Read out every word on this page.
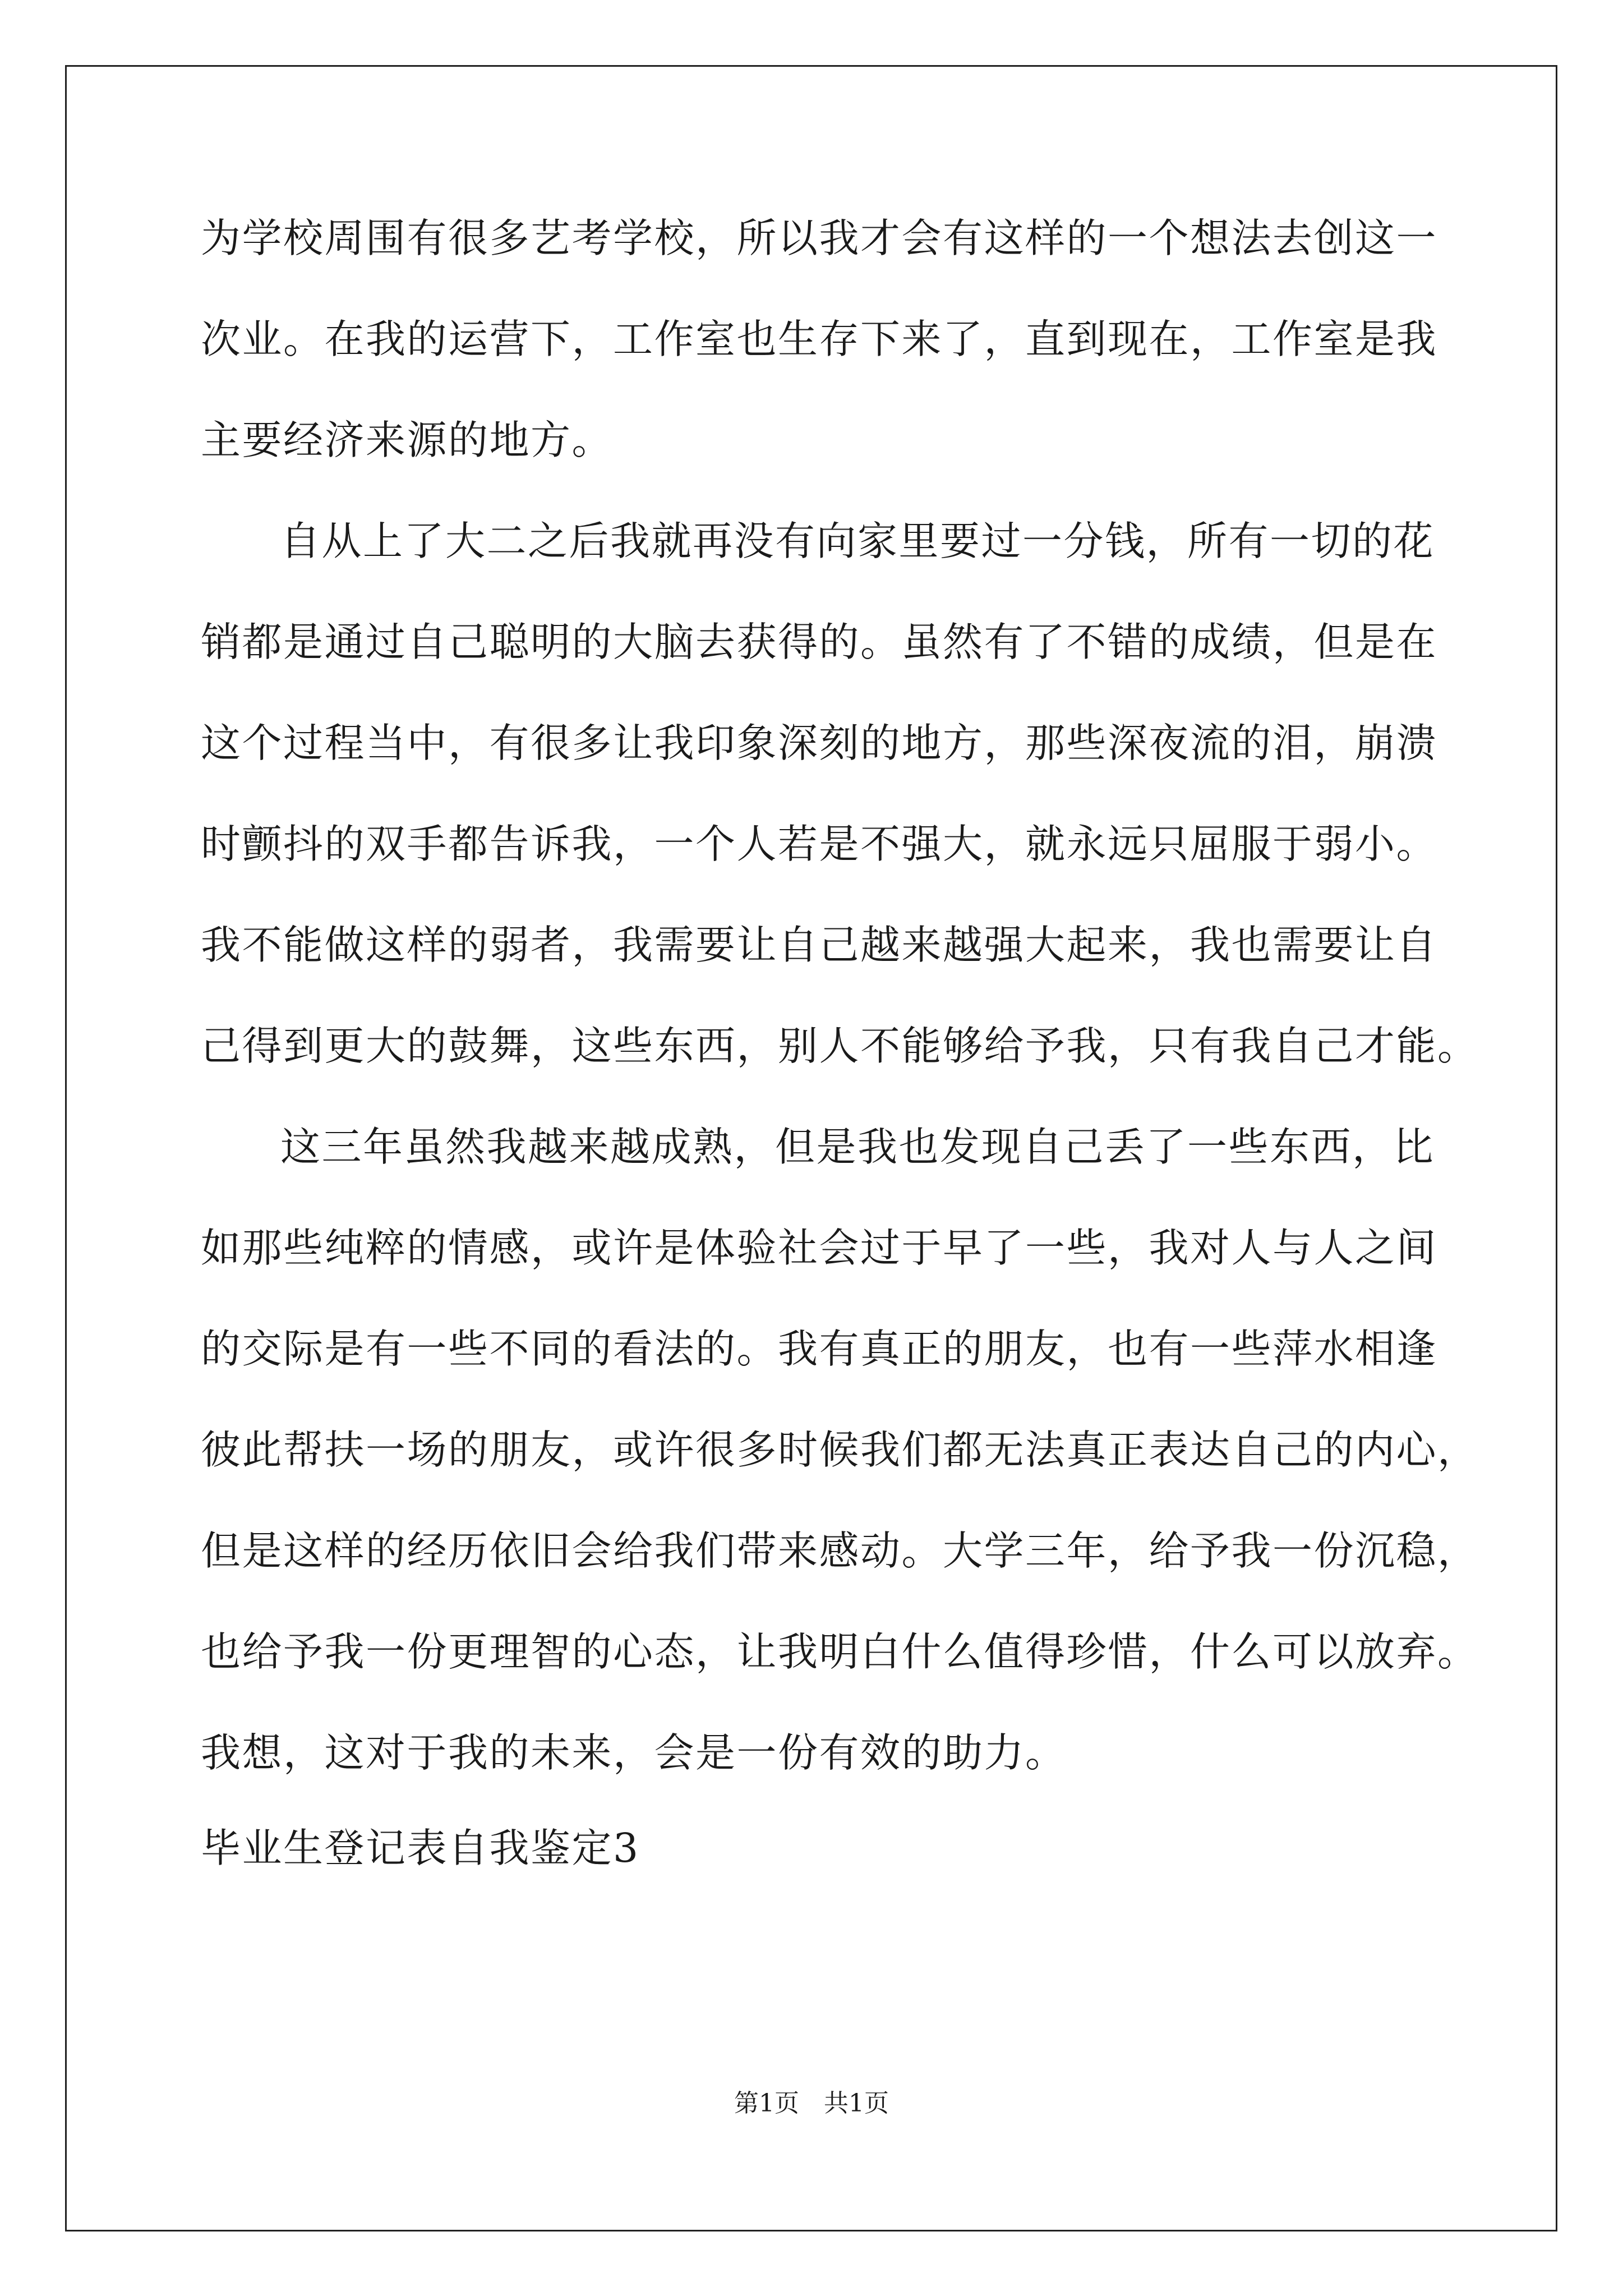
为学校周围有很多艺考学校，所以我才会有这样的一个想法去创这一
次业。在我的运营下，工作室也生存下来了，直到现在，工作室是我
主要经济来源的地方。
自从上了大二之后我就再没有向家里要过一分钱，所有一切的花
销都是通过自己聪明的大脑去获得的。虽然有了不错的成绩，但是在
这个过程当中，有很多让我印象深刻的地方，那些深夜流的泪，崩溃
时颤抖的双手都告诉我，一个人若是不强大，就永远只屈服于弱小。
我不能做这样的弱者，我需要让自己越来越强大起来，我也需要让自
己得到更大的鼓舞，这些东西，别人不能够给予我，只有我自己才能。
这三年虽然我越来越成熟，但是我也发现自己丢了一些东西，比
如那些纯粹的情感，或许是体验社会过于早了一些，我对人与人之间
的交际是有一些不同的看法的。我有真正的朋友，也有一些萍水相逢
彼此帮扶一场的朋友，或许很多时候我们都无法真正表达自己的内心，
但是这样的经历依旧会给我们带来感动。大学三年，给予我一份沉稳，
也给予我一份更理智的心态，让我明白什么值得珍惜，什么可以放弃。
我想，这对于我的未来，会是一份有效的助力。
毕业生登记表自我鉴定3
第1页 共1页
